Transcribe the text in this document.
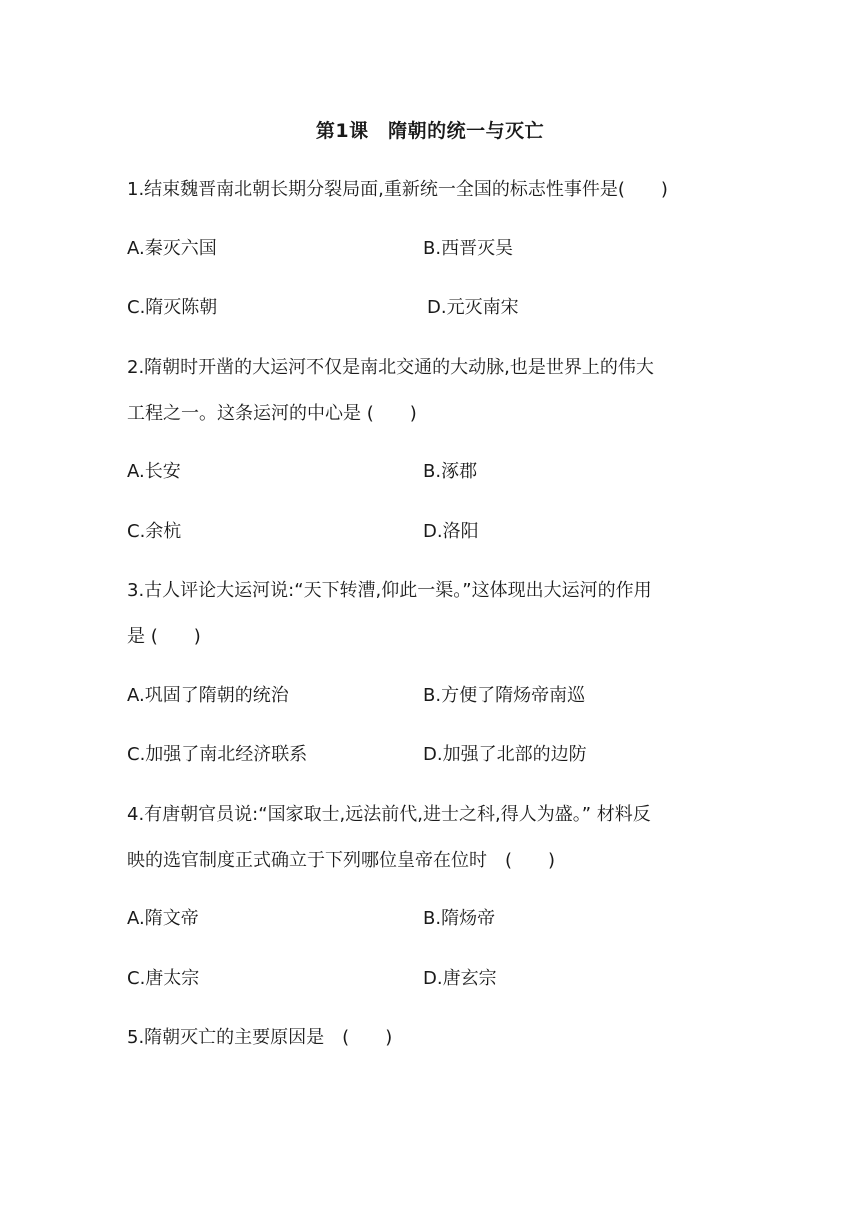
第1课　隋朝的统一与灭亡
1.结束魏晋南北朝长期分裂局面,重新统一全国的标志性事件是(　　)
A.秦灭六国	B.西晋灭吴
C.隋灭陈朝	D.元灭南宋
2.隋朝时开凿的大运河不仅是南北交通的大动脉,也是世界上的伟大
工程之一。这条运河的中心是 (　　)
A.长安	B.涿郡
C.余杭	D.洛阳
3.古人评论大运河说:“天下转漕,仰此一渠。”这体现出大运河的作用
是 (　　)
A.巩固了隋朝的统治	B.方便了隋炀帝南巡
C.加强了南北经济联系	D.加强了北部的边防
4.有唐朝官员说:“国家取士,远法前代,进士之科,得人为盛。” 材料反
映的选官制度正式确立于下列哪位皇帝在位时　(　　)
A.隋文帝	B.隋炀帝
C.唐太宗	D.唐玄宗
5.隋朝灭亡的主要原因是　(　　)
